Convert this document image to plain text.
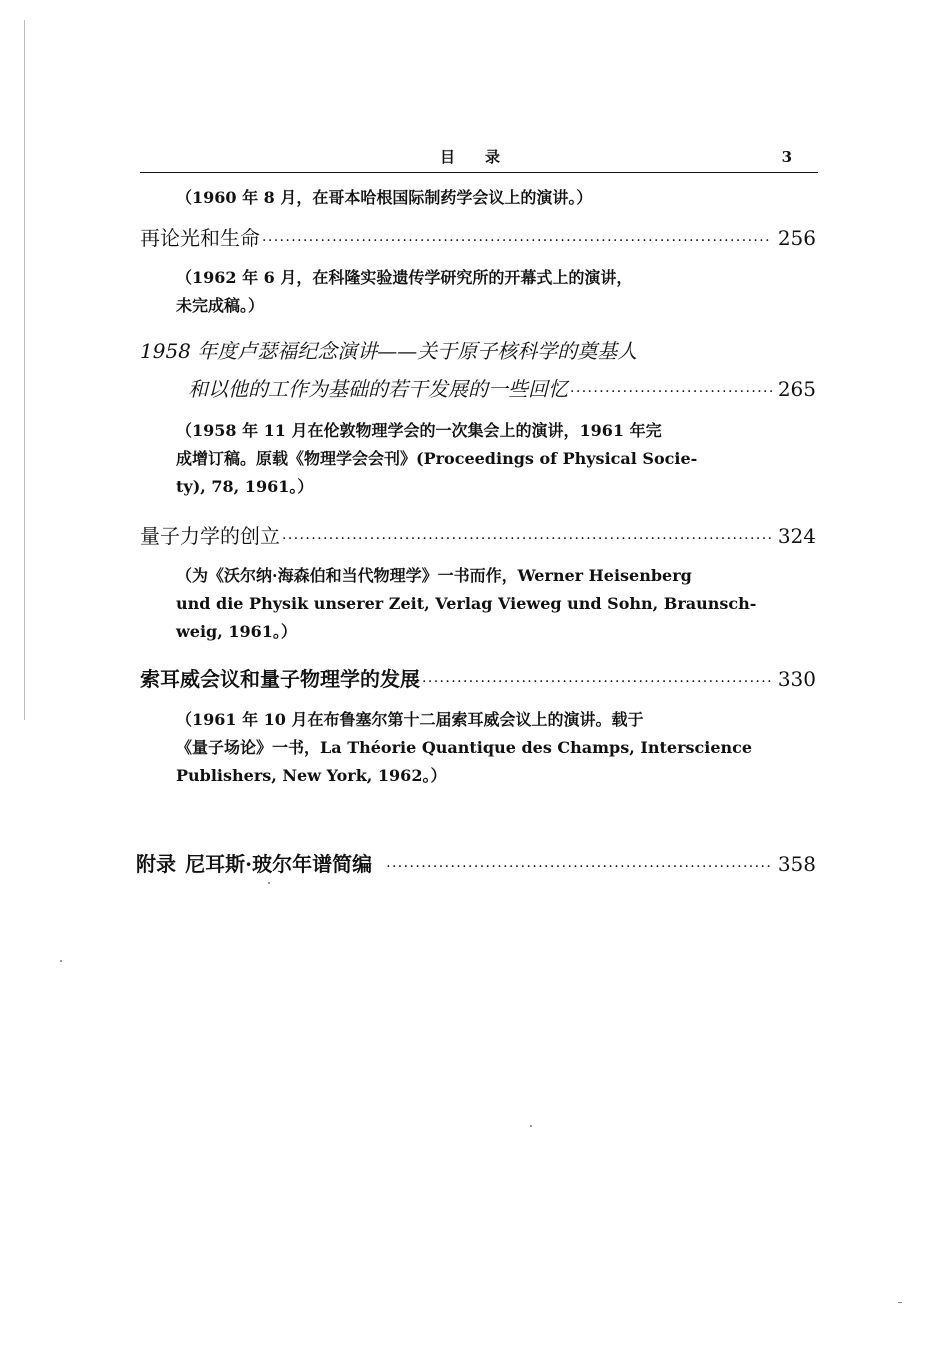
目录	3

（1960 年 8 月，在哥本哈根国际制药学会议上的演讲。）

再论光和生命 ·····	256

（1962 年 6 月，在科隆实验遗传学研究所的开幕式上的演讲，

未完成稿。）

1958 年度卢瑟福纪念演讲——关于原子核科学的奠基人
和以他的工作为基础的若干发展的一些回忆 ·····	265

（1958 年 11 月在伦敦物理学会的一次集会上的演讲，1961 年完

成增订稿。原载《物理学会会刊》(Proceedings of Physical Socie-

ty), 78, 1961。）

量子力学的创立 ·····	324

（为《沃尔纳·海森伯和当代物理学》一书而作，Werner Heisenberg

und die Physik unserer Zeit, Verlag Vieweg und Sohn, Braunsch-

weig, 1961。）

索耳威会议和量子物理学的发展 ·····	330

（1961 年 10 月在布鲁塞尔第十二届索耳威会议上的演讲。载于

《量子场论》一书，La Théorie Quantique des Champs, Interscience

Publishers, New York, 1962。）

附录 尼耳斯·玻尔年谱简编 ·····	358
